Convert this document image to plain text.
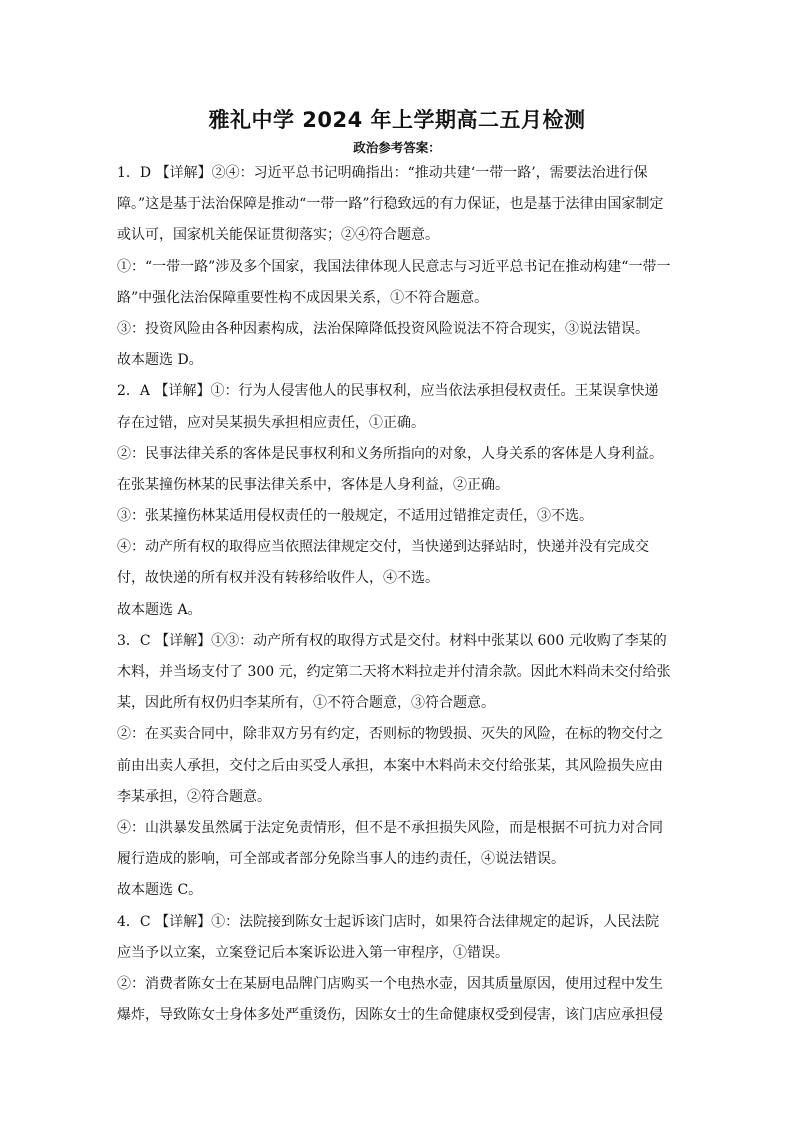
雅礼中学 2024 年上学期高二五月检测
政治参考答案：
1．D 【详解】②④：习近平总书记明确指出：“推动共建‘一带一路’，需要法治进行保
障。”这是基于法治保障是推动“一带一路”行稳致远的有力保证，也是基于法律由国家制定
或认可，国家机关能保证贯彻落实；②④符合题意。
①：“一带一路”涉及多个国家，我国法律体现人民意志与习近平总书记在推动构建“一带一
路”中强化法治保障重要性构不成因果关系，①不符合题意。
③：投资风险由各种因素构成，法治保障降低投资风险说法不符合现实，③说法错误。
故本题选 D。
2．A 【详解】①：行为人侵害他人的民事权利，应当依法承担侵权责任。王某误拿快递
存在过错，应对吴某损失承担相应责任，①正确。
②：民事法律关系的客体是民事权利和义务所指向的对象，人身关系的客体是人身利益。
在张某撞伤林某的民事法律关系中，客体是人身利益，②正确。
③：张某撞伤林某适用侵权责任的一般规定，不适用过错推定责任，③不选。
④：动产所有权的取得应当依照法律规定交付，当快递到达驿站时，快递并没有完成交
付，故快递的所有权并没有转移给收件人，④不选。
故本题选 A。
3．C 【详解】①③：动产所有权的取得方式是交付。材料中张某以 600 元收购了李某的
木料，并当场支付了 300 元，约定第二天将木料拉走并付清余款。因此木料尚未交付给张
某，因此所有权仍归李某所有，①不符合题意，③符合题意。
②：在买卖合同中，除非双方另有约定，否则标的物毁损、灭失的风险，在标的物交付之
前由出卖人承担，交付之后由买受人承担，本案中木料尚未交付给张某，其风险损失应由
李某承担，②符合题意。
④：山洪暴发虽然属于法定免责情形，但不是不承担损失风险，而是根据不可抗力对合同
履行造成的影响，可全部或者部分免除当事人的违约责任，④说法错误。
故本题选 C。
4．C 【详解】①：法院接到陈女士起诉该门店时，如果符合法律规定的起诉，人民法院
应当予以立案，立案登记后本案诉讼进入第一审程序，①错误。
②：消费者陈女士在某厨电品牌门店购买一个电热水壶，因其质量原因，使用过程中发生
爆炸，导致陈女士身体多处严重烫伤，因陈女士的生命健康权受到侵害，该门店应承担侵
